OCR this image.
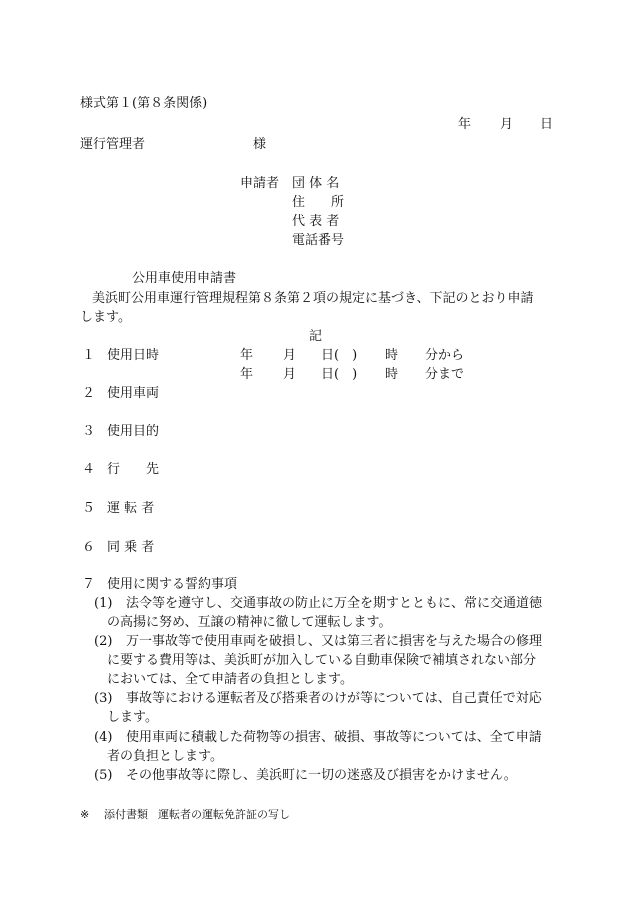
様式第１(第８条関係)
年 月 日
運行管理者	様
申請者 団 体 名
住　　所
代 表 者
電話番号
公用車使用申請書
美浜町公用車運行管理規程第８条第２項の規定に基づき、下記のとおり申請
します。
記
１ 使用日時	年 月 日(　) 時 分から
年 月 日(　) 時 分まで
２ 使用車両
３ 使用目的
４ 行　　先
５ 運 転 者
６ 同 乗 者
７ 使用に関する誓約事項
(1) 法令等を遵守し、交通事故の防止に万全を期すとともに、常に交通道徳
の高揚に努め、互譲の精神に徹して運転します。
(2) 万一事故等で使用車両を破損し、又は第三者に損害を与えた場合の修理
に要する費用等は、美浜町が加入している自動車保険で補填されない部分
においては、全て申請者の負担とします。
(3) 事故等における運転者及び搭乗者のけが等については、自己責任で対応
します。
(4) 使用車両に積載した荷物等の損害、破損、事故等については、全て申請
者の負担とします。
(5) その他事故等に際し、美浜町に一切の迷惑及び損害をかけません。
※ 添付書類 運転者の運転免許証の写し
